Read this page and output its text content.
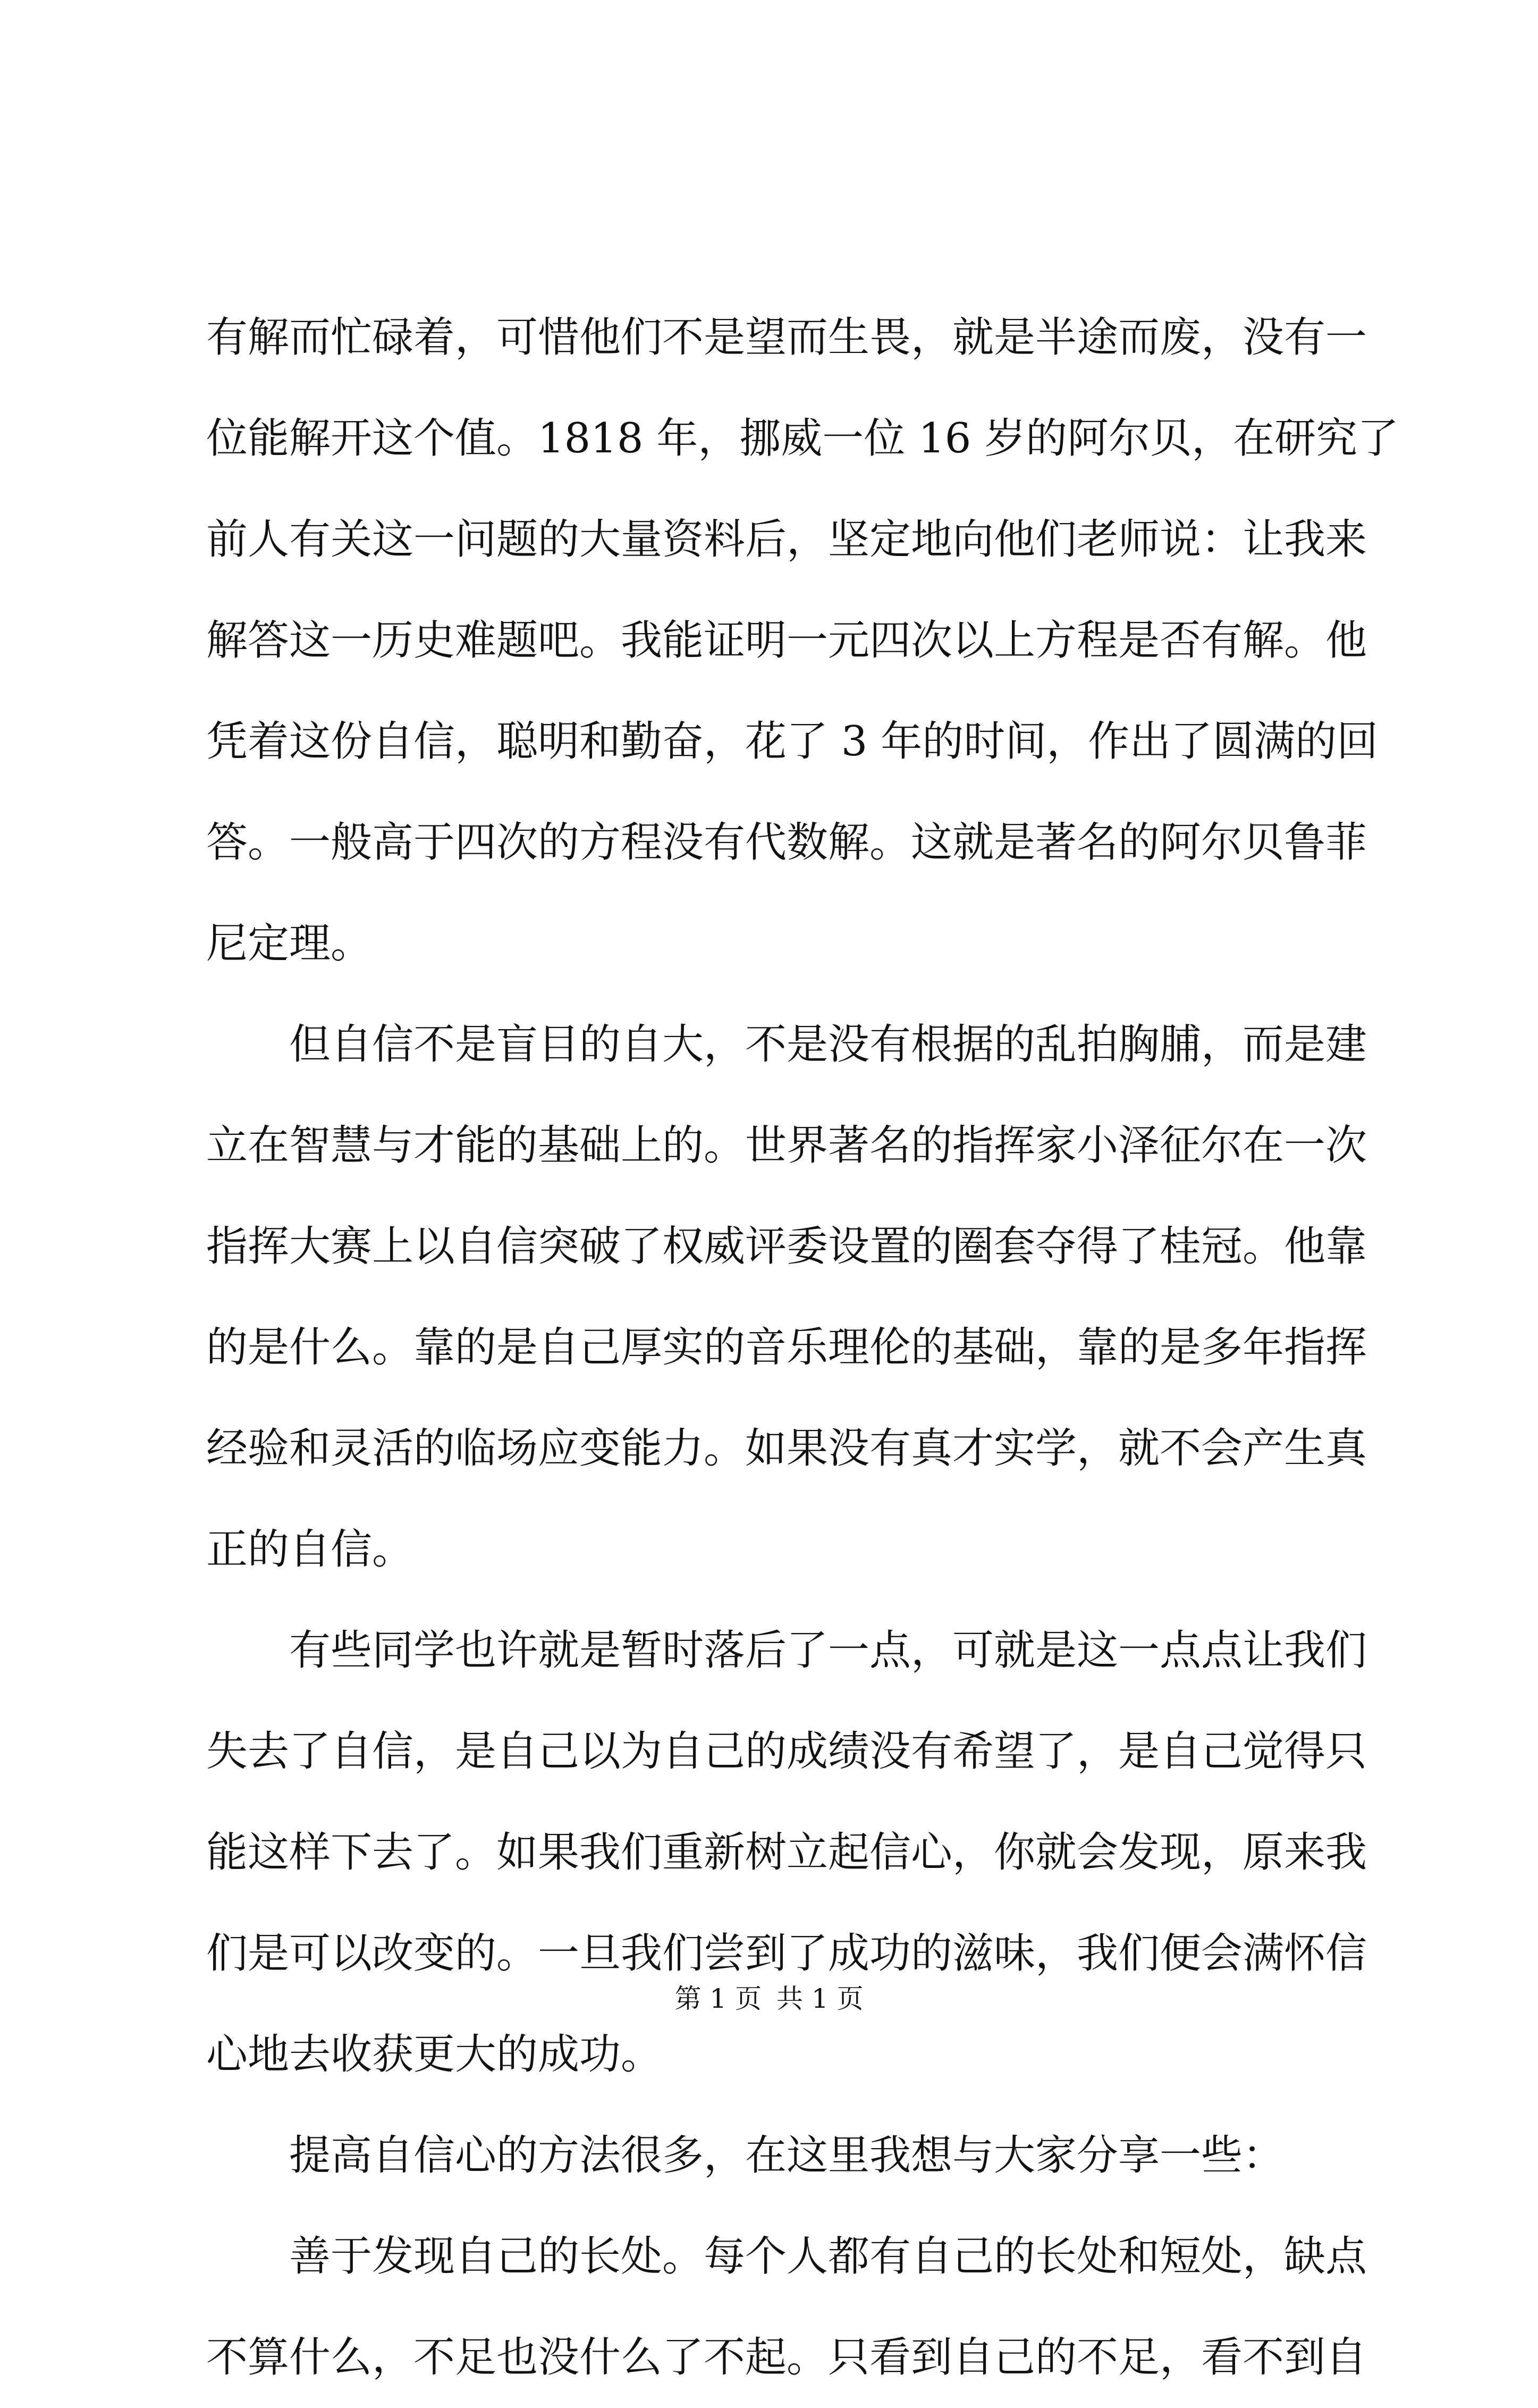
有解而忙碌着，可惜他们不是望而生畏，就是半途而废，没有一
位能解开这个值。1818 年，挪威一位 16 岁的阿尔贝，在研究了
前人有关这一问题的大量资料后，坚定地向他们老师说：让我来
解答这一历史难题吧。我能证明一元四次以上方程是否有解。他
凭着这份自信，聪明和勤奋，花了 3 年的时间，作出了圆满的回
答。一般高于四次的方程没有代数解。这就是著名的阿尔贝鲁菲
尼定理。
　　但自信不是盲目的自大，不是没有根据的乱拍胸脯，而是建
立在智慧与才能的基础上的。世界著名的指挥家小泽征尔在一次
指挥大赛上以自信突破了权威评委设置的圈套夺得了桂冠。他靠
的是什么。靠的是自己厚实的音乐理伦的基础，靠的是多年指挥
经验和灵活的临场应变能力。如果没有真才实学，就不会产生真
正的自信。
　　有些同学也许就是暂时落后了一点，可就是这一点点让我们
失去了自信，是自己以为自己的成绩没有希望了，是自己觉得只
能这样下去了。如果我们重新树立起信心，你就会发现，原来我
们是可以改变的。一旦我们尝到了成功的滋味，我们便会满怀信
心地去收获更大的成功。
　　提高自信心的方法很多，在这里我想与大家分享一些：
　　善于发现自己的长处。每个人都有自己的长处和短处，缺点
不算什么，不足也没什么了不起。只看到自己的不足，看不到自
第 1 页 共 1 页
